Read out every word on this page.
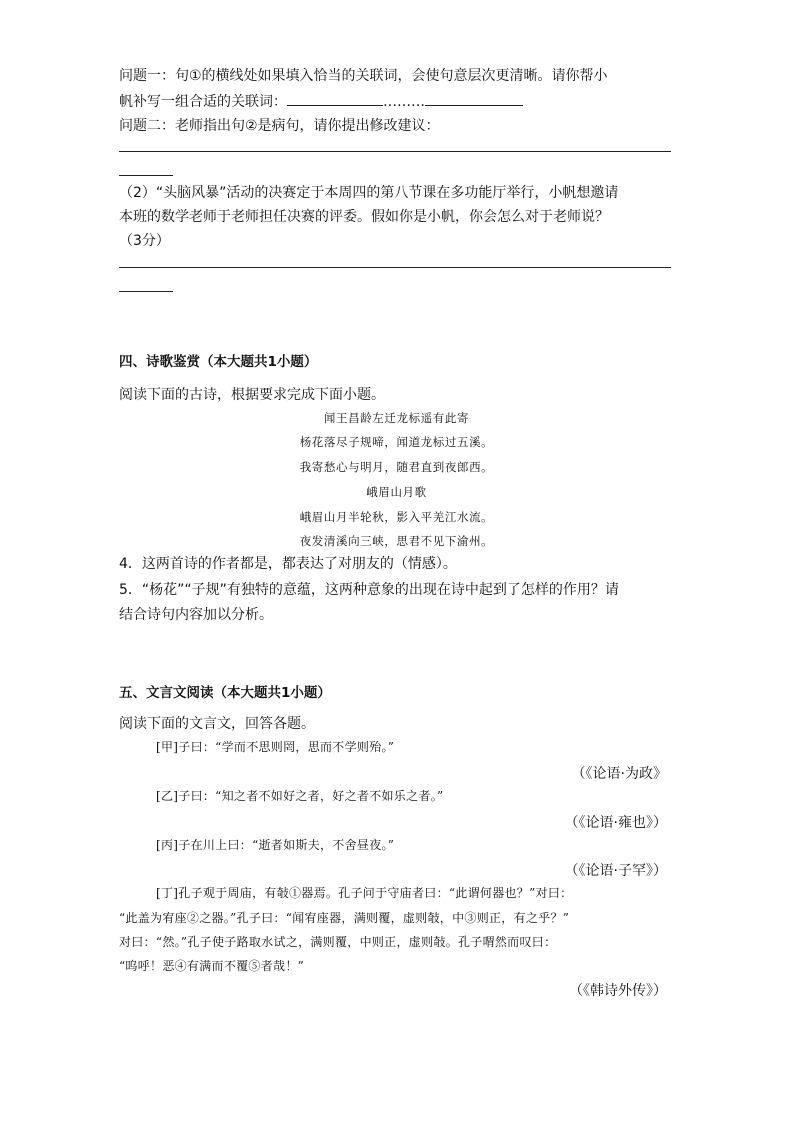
问题一：句①的横线处如果填入恰当的关联词，会使句意层次更清晰。请你帮小
帆补写一组合适的关联词：	………
问题二：老师指出句②是病句，请你提出修改建议：
（2）“头脑风暴”活动的决赛定于本周四的第八节课在多功能厅举行，小帆想邀请
本班的数学老师于老师担任决赛的评委。假如你是小帆，你会怎么对于老师说？
（3分）
四、诗歌鉴赏（本大题共1小题）
阅读下面的古诗，根据要求完成下面小题。
闻王昌龄左迁龙标遥有此寄
杨花落尽子规啼，闻道龙标过五溪。
我寄愁心与明月，随君直到夜郎西。
峨眉山月歌
峨眉山月半轮秋，影入平羌江水流。
夜发清溪向三峡，思君不见下渝州。
4．这两首诗的作者都是，都表达了对朋友的（情感）。
5．“杨花”“子规”有独特的意蕴，这两种意象的出现在诗中起到了怎样的作用？请
结合诗句内容加以分析。
五、文言文阅读（本大题共1小题）
阅读下面的文言文，回答各题。
[甲]子曰：“学而不思则罔，思而不学则殆。”
（《论语·为政》
[乙]子曰：“知之者不如好之者，好之者不如乐之者。”
（《论语·雍也》）
[丙]子在川上曰：“逝者如斯夫，不舍昼夜。”
（《论语·子罕》）
[丁]孔子观于周庙，有敧①器焉。孔子问于守庙者曰：“此谓何器也？”对曰：
“此盖为宥座②之器。”孔子曰：“闻宥座器，满则覆，虚则敧，中③则正，有之乎？”
对曰：“然。”孔子使子路取水试之，满则覆，中则正，虚则敧。孔子喟然而叹曰：
“呜呼！恶④有满而不覆⑤者哉！”
（《韩诗外传》）
